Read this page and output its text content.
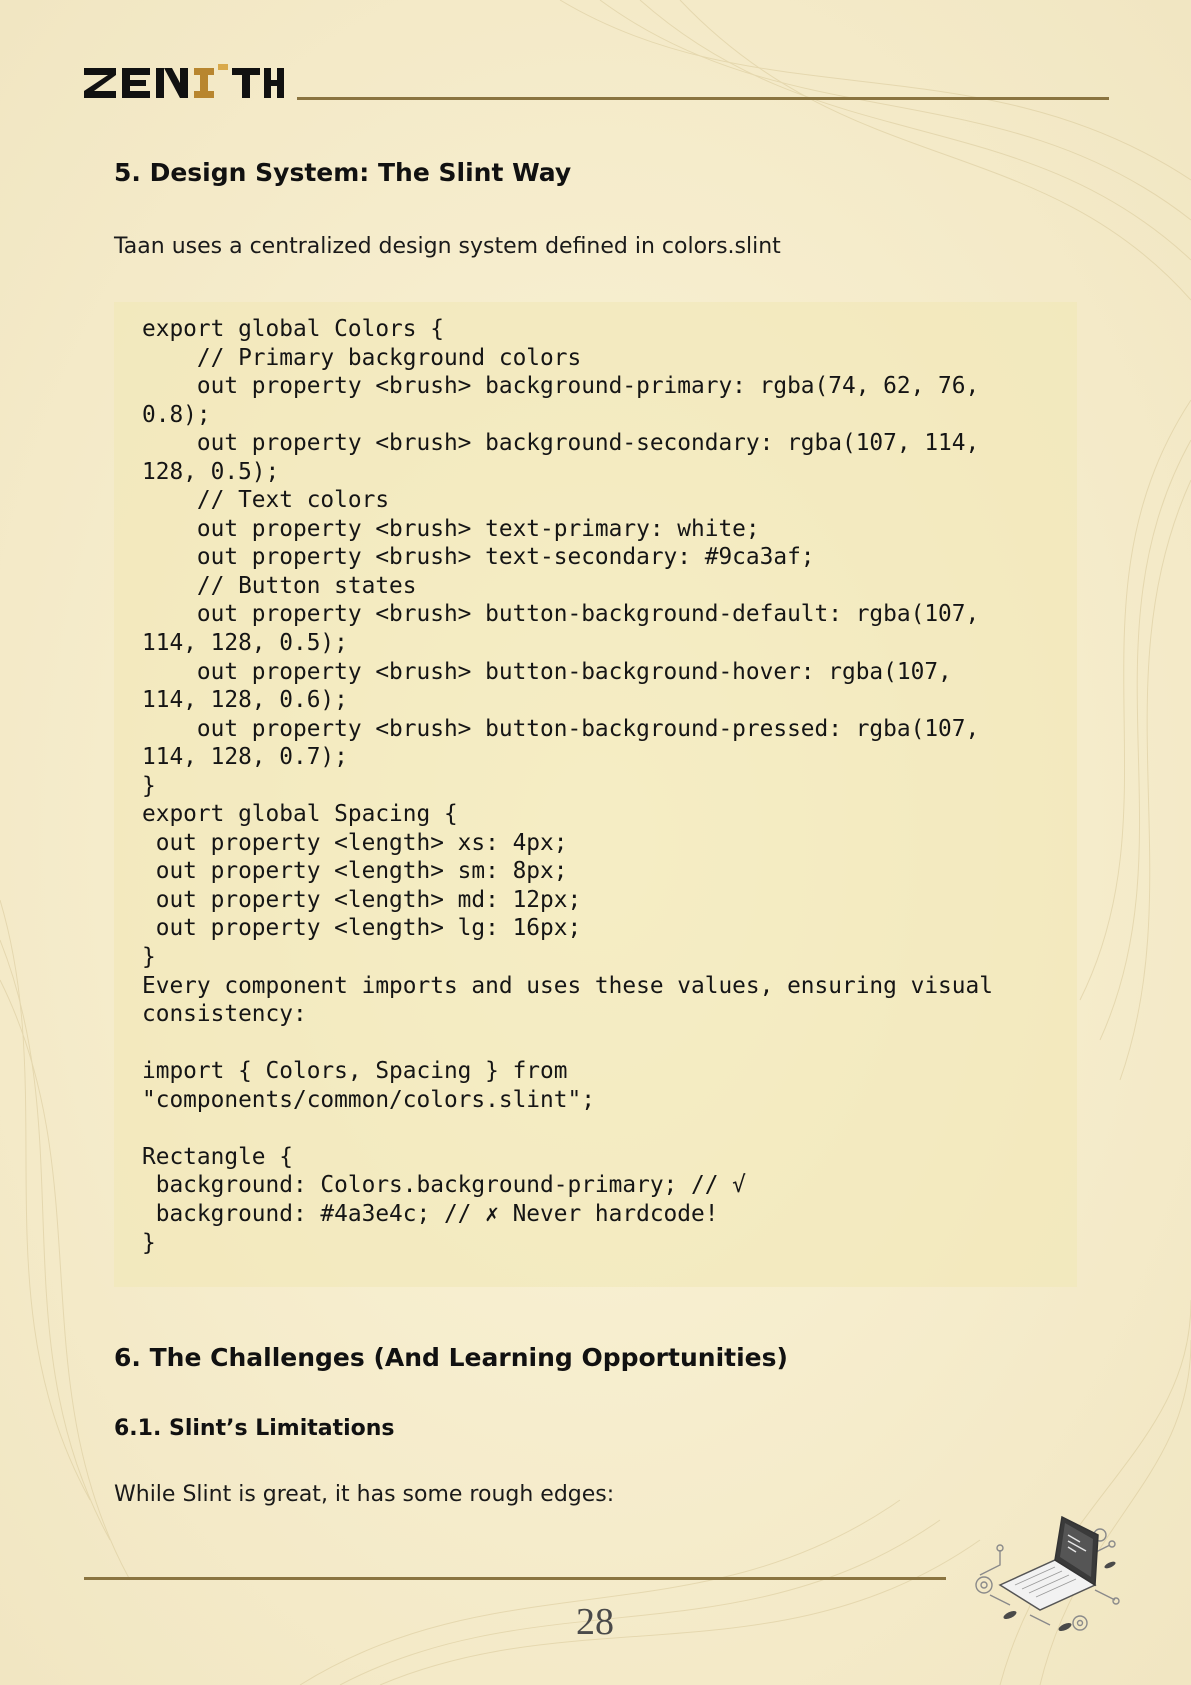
5. Design System: The Slint Way

Taan uses a centralized design system defined in colors.slint

6. The Challenges (And Learning Opportunities)
6.1. Slint’s Limitations

While Slint is great, it has some rough edges:

export global Colors {
// Primary background colors
out property <brush> background-primary: rgba(74, 62, 76,
0.8);
out property <brush> background-secondary: rgba(107, 114,
128, 0.5);
// Text colors
out property <brush> text-primary: white;
out property <brush> text-secondary: #9ca3af;
// Button states
out property <brush> button-background-default: rgba(107,
114, 128, 0.5);
out property <brush> button-background-hover: rgba(107,
114, 128, 0.6);
out property <brush> button-background-pressed: rgba(107,
114, 128, 0.7);
}
export global Spacing {
out property <length> xs: 4px;
out property <length> sm: 8px;
out property <length> md: 12px;
out property <length> lg: 16px;
}
Every component imports and uses these values, ensuring visual
consistency:
import { Colors, Spacing } from
"components/common/colors.slint";
Rectangle {
background: Colors.background-primary; // √
background: #4a3e4c; // ✗ Never hardcode!
}
28
